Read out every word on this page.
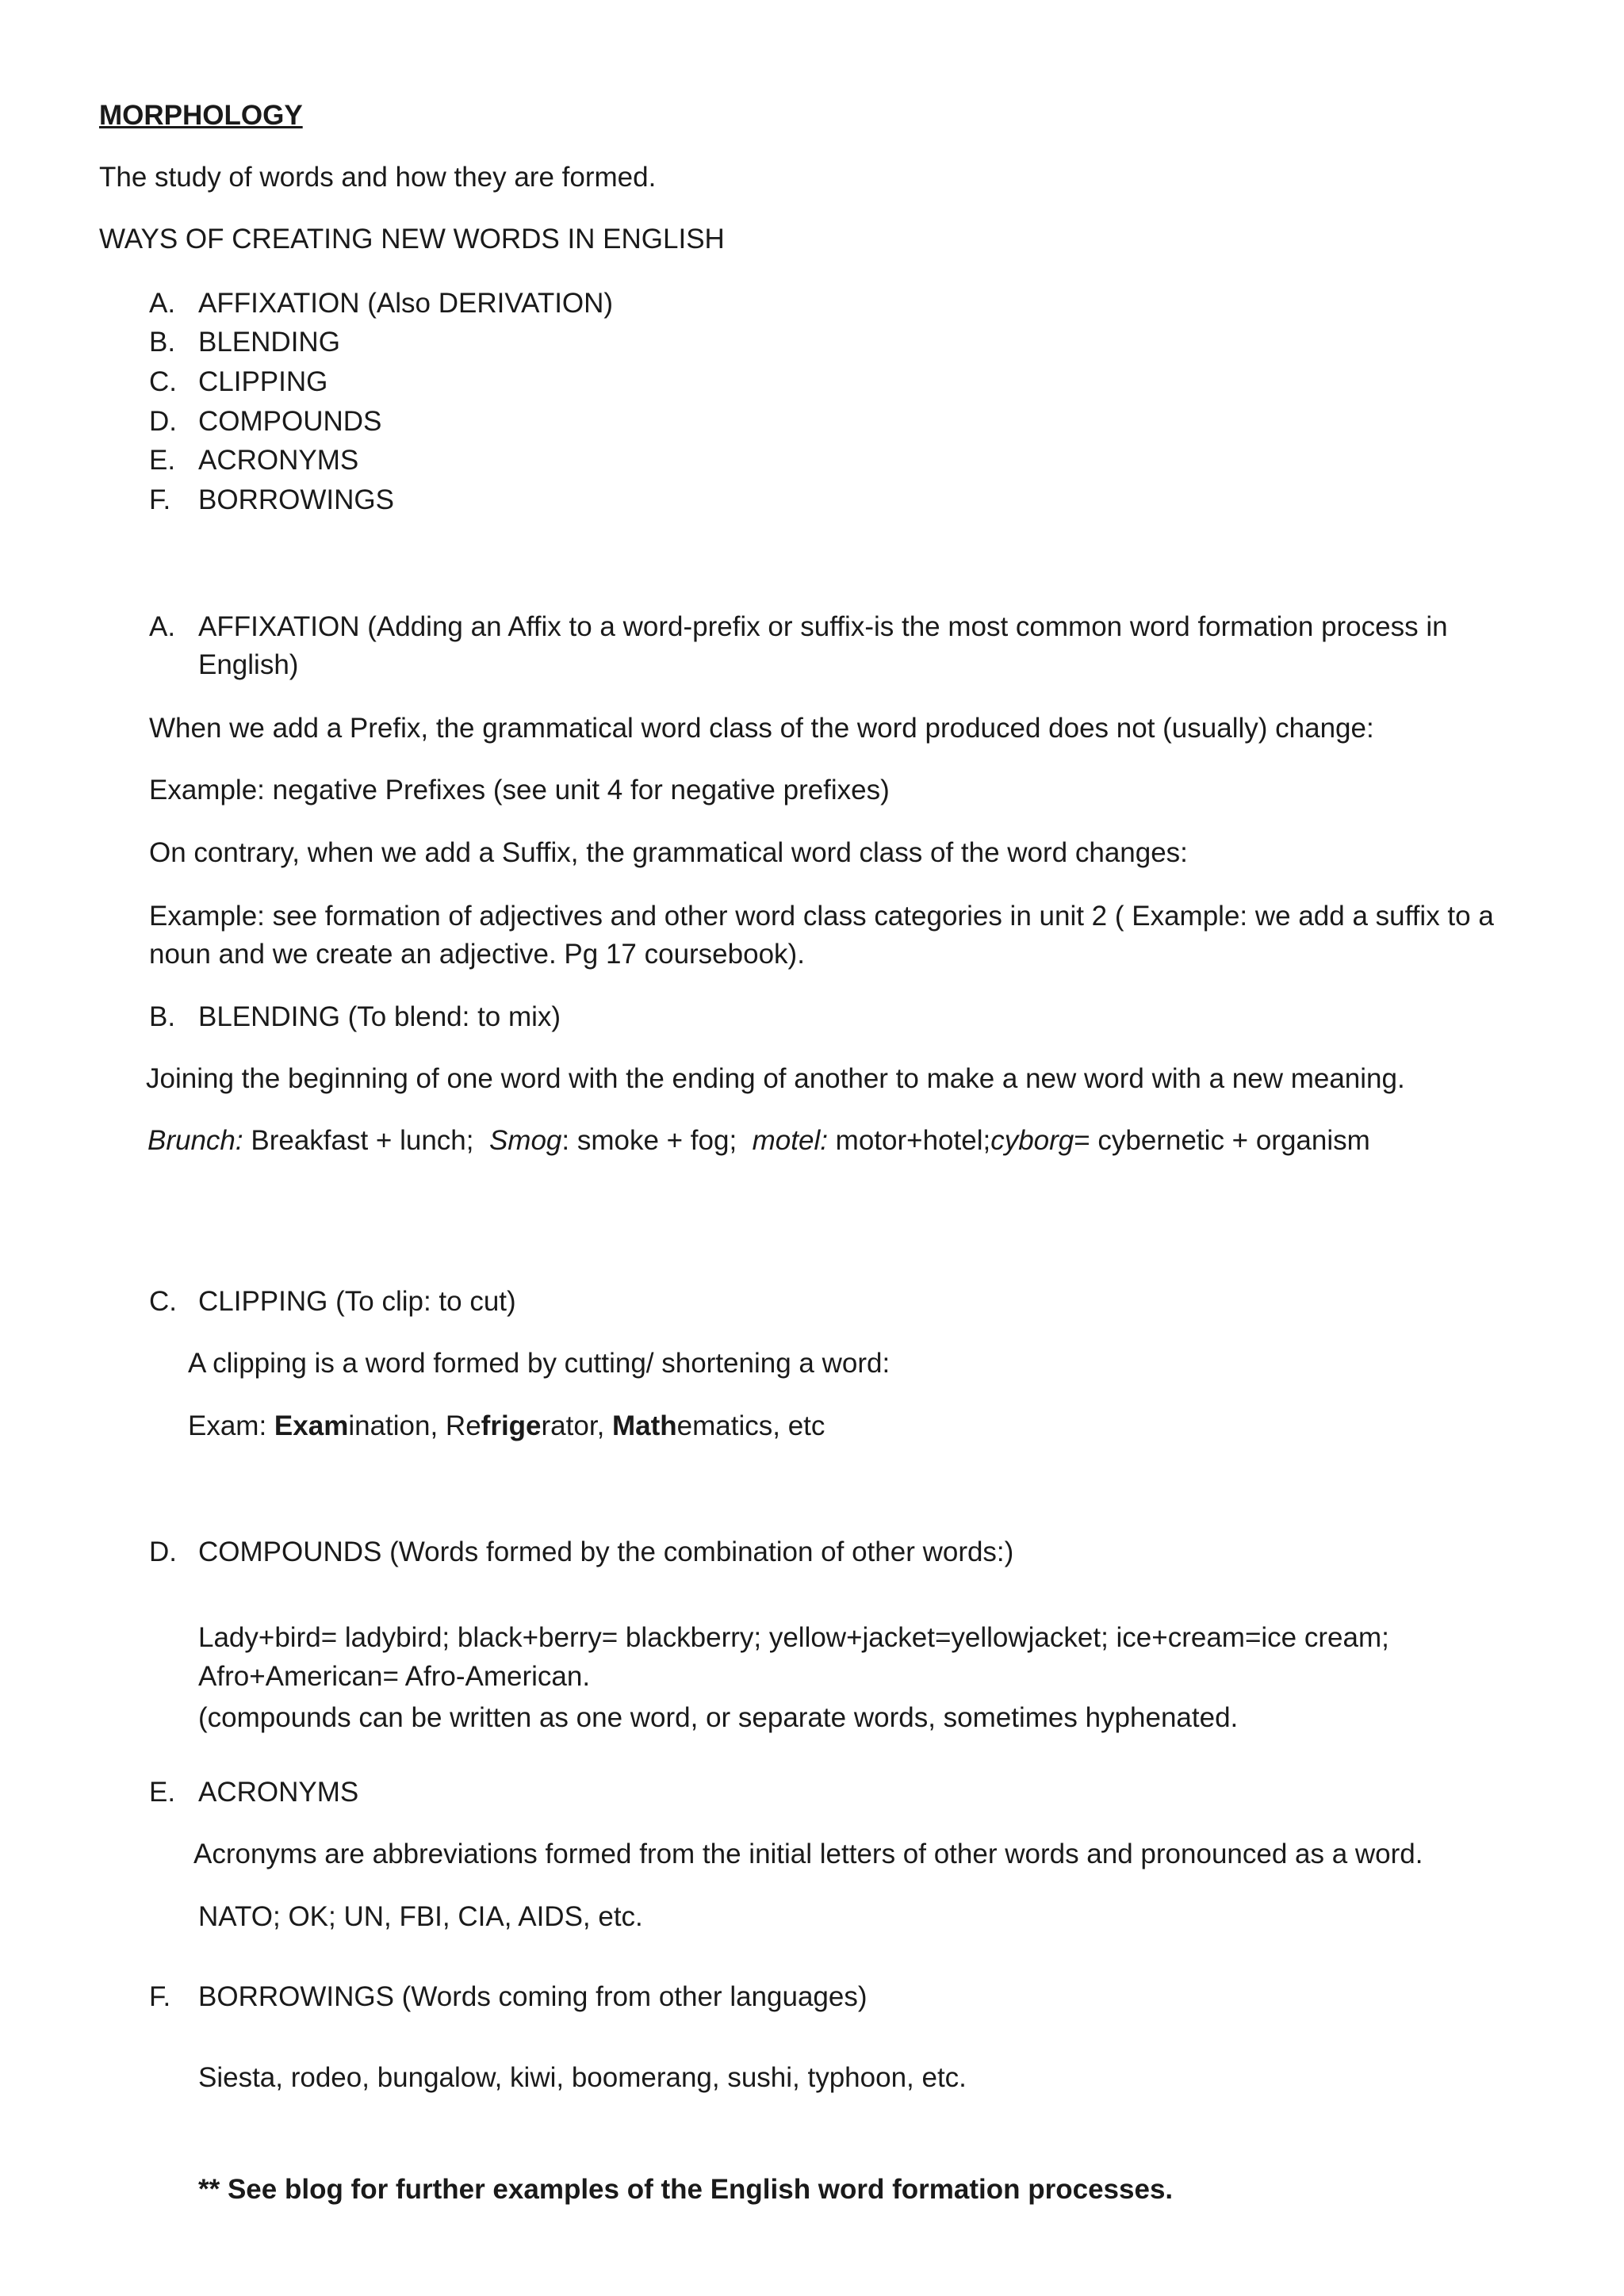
MORPHOLOGY
The study of words and how they are formed.
WAYS OF CREATING NEW WORDS IN ENGLISH
A. AFFIXATION (Also DERIVATION)
B. BLENDING
C. CLIPPING
D. COMPOUNDS
E. ACRONYMS
F. BORROWINGS
A. AFFIXATION (Adding an Affix to a word-prefix or suffix-is the most common word formation process in
English)
When we add a Prefix, the grammatical word class of the word produced does not (usually) change:
Example: negative Prefixes (see unit 4 for negative prefixes)
On contrary, when we add a Suffix, the grammatical word class of the word changes:
Example: see formation of adjectives and other word class categories in unit 2 ( Example: we add a suffix to a
noun and we create an adjective. Pg 17 coursebook).
B. BLENDING (To blend: to mix)
Joining the beginning of one word with the ending of another to make a new word with a new meaning.
Brunch: Breakfast + lunch; Smog: smoke + fog; motel: motor+hotel;cyborg= cybernetic + organism
C. CLIPPING (To clip: to cut)
A clipping is a word formed by cutting/ shortening a word:
Exam: Examination, Refrigerator, Mathematics, etc
D. COMPOUNDS (Words formed by the combination of other words:)
Lady+bird= ladybird; black+berry= blackberry; yellow+jacket=yellowjacket; ice+cream=ice cream;
Afro+American= Afro-American.
(compounds can be written as one word, or separate words, sometimes hyphenated.
E. ACRONYMS
Acronyms are abbreviations formed from the initial letters of other words and pronounced as a word.
NATO; OK; UN, FBI, CIA, AIDS, etc.
F. BORROWINGS (Words coming from other languages)
Siesta, rodeo, bungalow, kiwi, boomerang, sushi, typhoon, etc.
** See blog for further examples of the English word formation processes.
